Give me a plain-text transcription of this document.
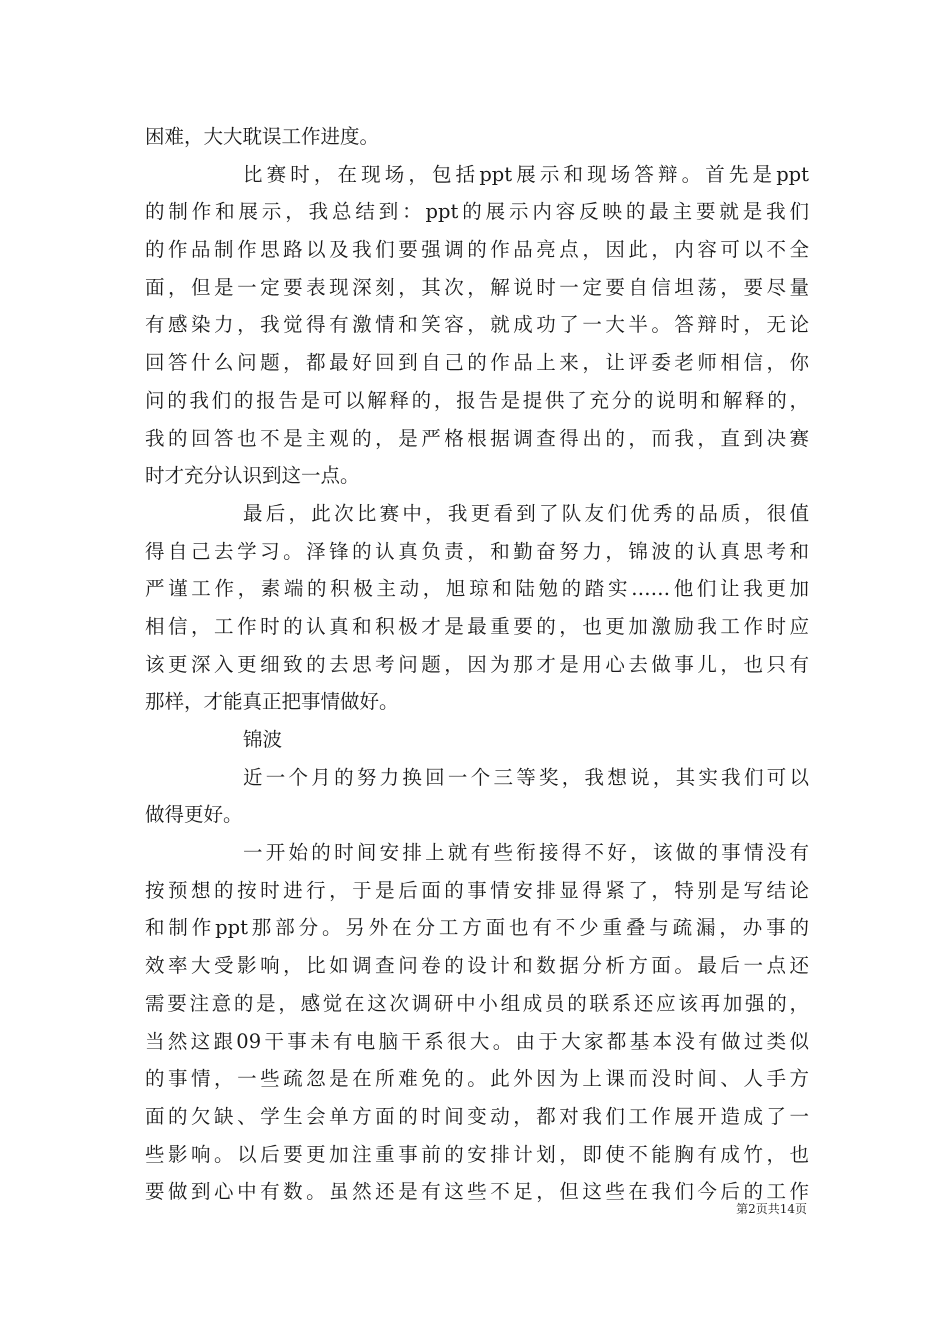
困难，大大耽误工作进度。
比赛时，在现场，包括ppt展示和现场答辩。首先是ppt
的制作和展示，我总结到：ppt的展示内容反映的最主要就是我们
的作品制作思路以及我们要强调的作品亮点，因此，内容可以不全
面，但是一定要表现深刻，其次，解说时一定要自信坦荡，要尽量
有感染力，我觉得有激情和笑容，就成功了一大半。答辩时，无论
回答什么问题，都最好回到自己的作品上来，让评委老师相信，你
问的我们的报告是可以解释的，报告是提供了充分的说明和解释的，
我的回答也不是主观的，是严格根据调查得出的，而我，直到决赛
时才充分认识到这一点。
最后，此次比赛中，我更看到了队友们优秀的品质，很值
得自己去学习。泽锋的认真负责，和勤奋努力，锦波的认真思考和
严谨工作，素端的积极主动，旭琼和陆勉的踏实……他们让我更加
相信，工作时的认真和积极才是最重要的，也更加激励我工作时应
该更深入更细致的去思考问题，因为那才是用心去做事儿，也只有
那样，才能真正把事情做好。
锦波
近一个月的努力换回一个三等奖，我想说，其实我们可以
做得更好。
一开始的时间安排上就有些衔接得不好，该做的事情没有
按预想的按时进行，于是后面的事情安排显得紧了，特别是写结论
和制作ppt那部分。另外在分工方面也有不少重叠与疏漏，办事的
效率大受影响，比如调查问卷的设计和数据分析方面。最后一点还
需要注意的是，感觉在这次调研中小组成员的联系还应该再加强的，
当然这跟09干事未有电脑干系很大。由于大家都基本没有做过类似
的事情，一些疏忽是在所难免的。此外因为上课而没时间、人手方
面的欠缺、学生会单方面的时间变动，都对我们工作展开造成了一
些影响。以后要更加注重事前的安排计划，即使不能胸有成竹，也
要做到心中有数。虽然还是有这些不足，但这些在我们今后的工作
第2页共14页
